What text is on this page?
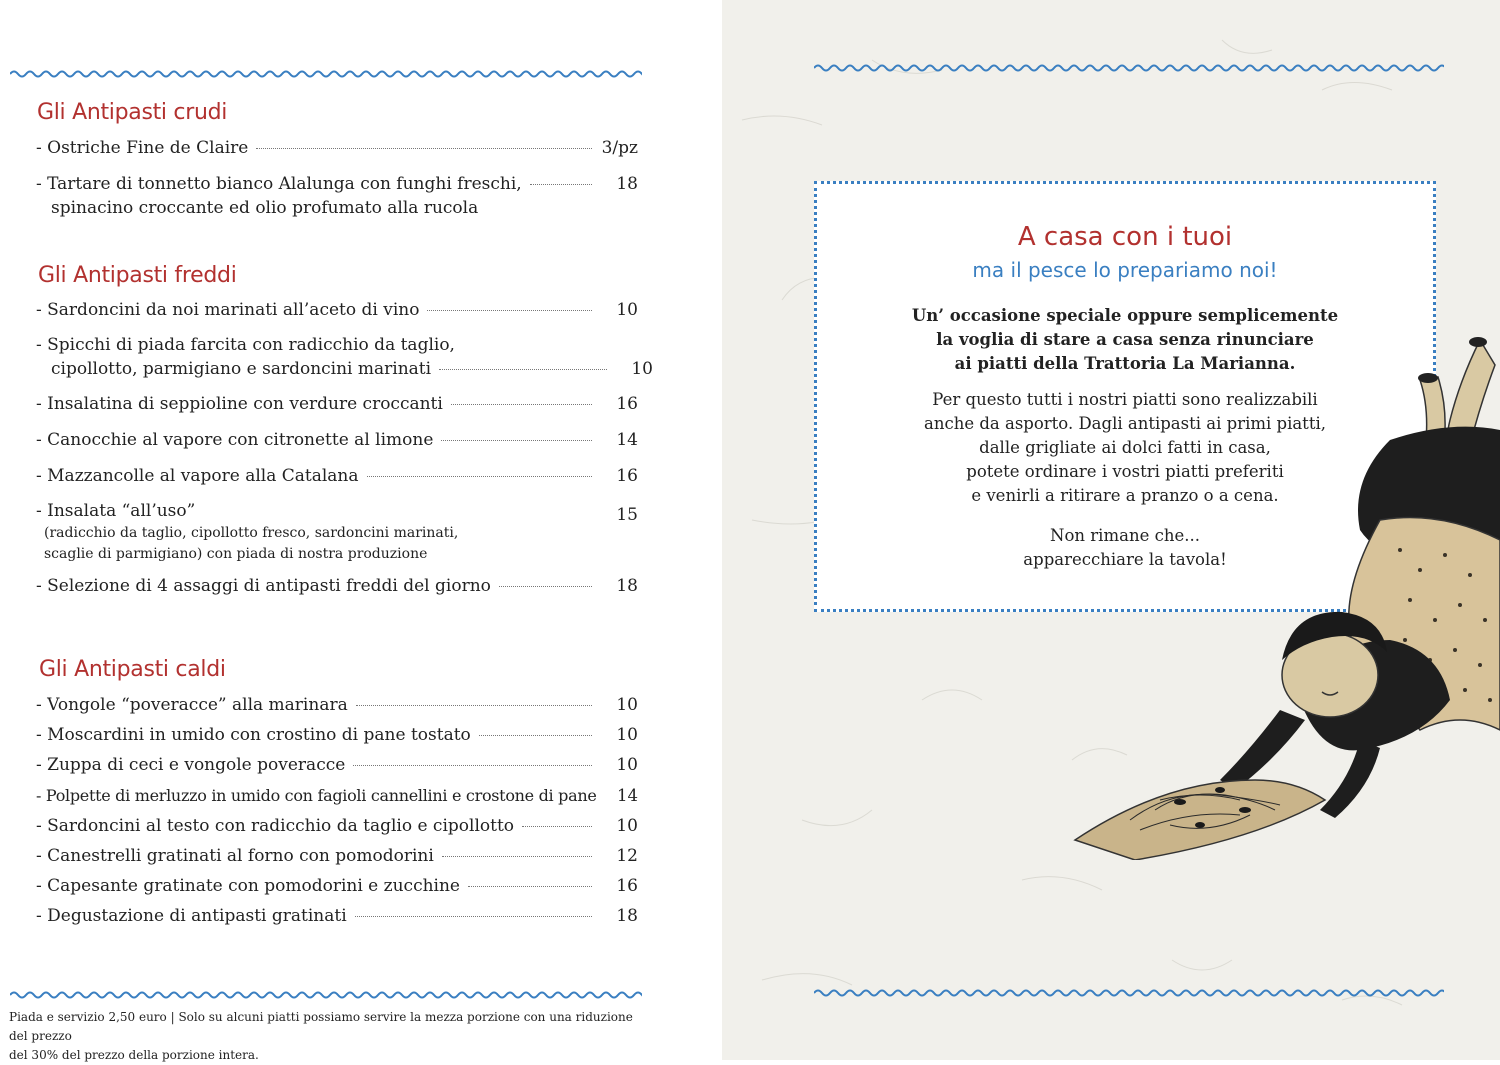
Gli Antipasti crudi
- Ostriche Fine de Claire	3/pz
- Tartare di tonnetto bianco Alalunga con funghi freschi,	18
spinacino croccante ed olio profumato alla rucola
Gli Antipasti freddi
- Sardoncini da noi marinati all’aceto di vino	10
- Spicchi di piada farcita con radicchio da taglio,
cipollotto, parmigiano e sardoncini marinati	10
- Insalatina di seppioline con verdure croccanti	16
- Canocchie al vapore con citronette al limone	14
- Mazzancolle al vapore alla Catalana	16
- Insalata “all’uso”	15
(radicchio da taglio, cipollotto fresco, sardoncini marinati,
scaglie di parmigiano) con piada di nostra produzione
- Selezione di 4 assaggi di antipasti freddi del giorno	18
Gli Antipasti caldi
- Vongole “poveracce” alla marinara	10
- Moscardini in umido con crostino di pane tostato	10
- Zuppa di ceci e vongole poveracce	10
- Polpette di merluzzo in umido con fagioli cannellini e crostone di pane 14
- Sardoncini al testo con radicchio da taglio e cipollotto	10
- Canestrelli gratinati al forno con pomodorini	12
- Capesante gratinate con pomodorini e zucchine	16
- Degustazione di antipasti gratinati	18
Piada e servizio 2,50 euro | Solo su alcuni piatti possiamo servire la mezza porzione con una riduzione del prezzo
del 30% del prezzo della porzione intera.
A casa con i tuoi
ma il pesce lo prepariamo noi!

Un’ occasione speciale oppure semplicemente
la voglia di stare a casa senza rinunciare
ai piatti della Trattoria La Marianna.

Per questo tutti i nostri piatti sono realizzabili
anche da asporto. Dagli antipasti ai primi piatti,
dalle grigliate ai dolci fatti in casa,
potete ordinare i vostri piatti preferiti
e venirli a ritirare a pranzo o a cena.

Non rimane che...
apparecchiare la tavola!
